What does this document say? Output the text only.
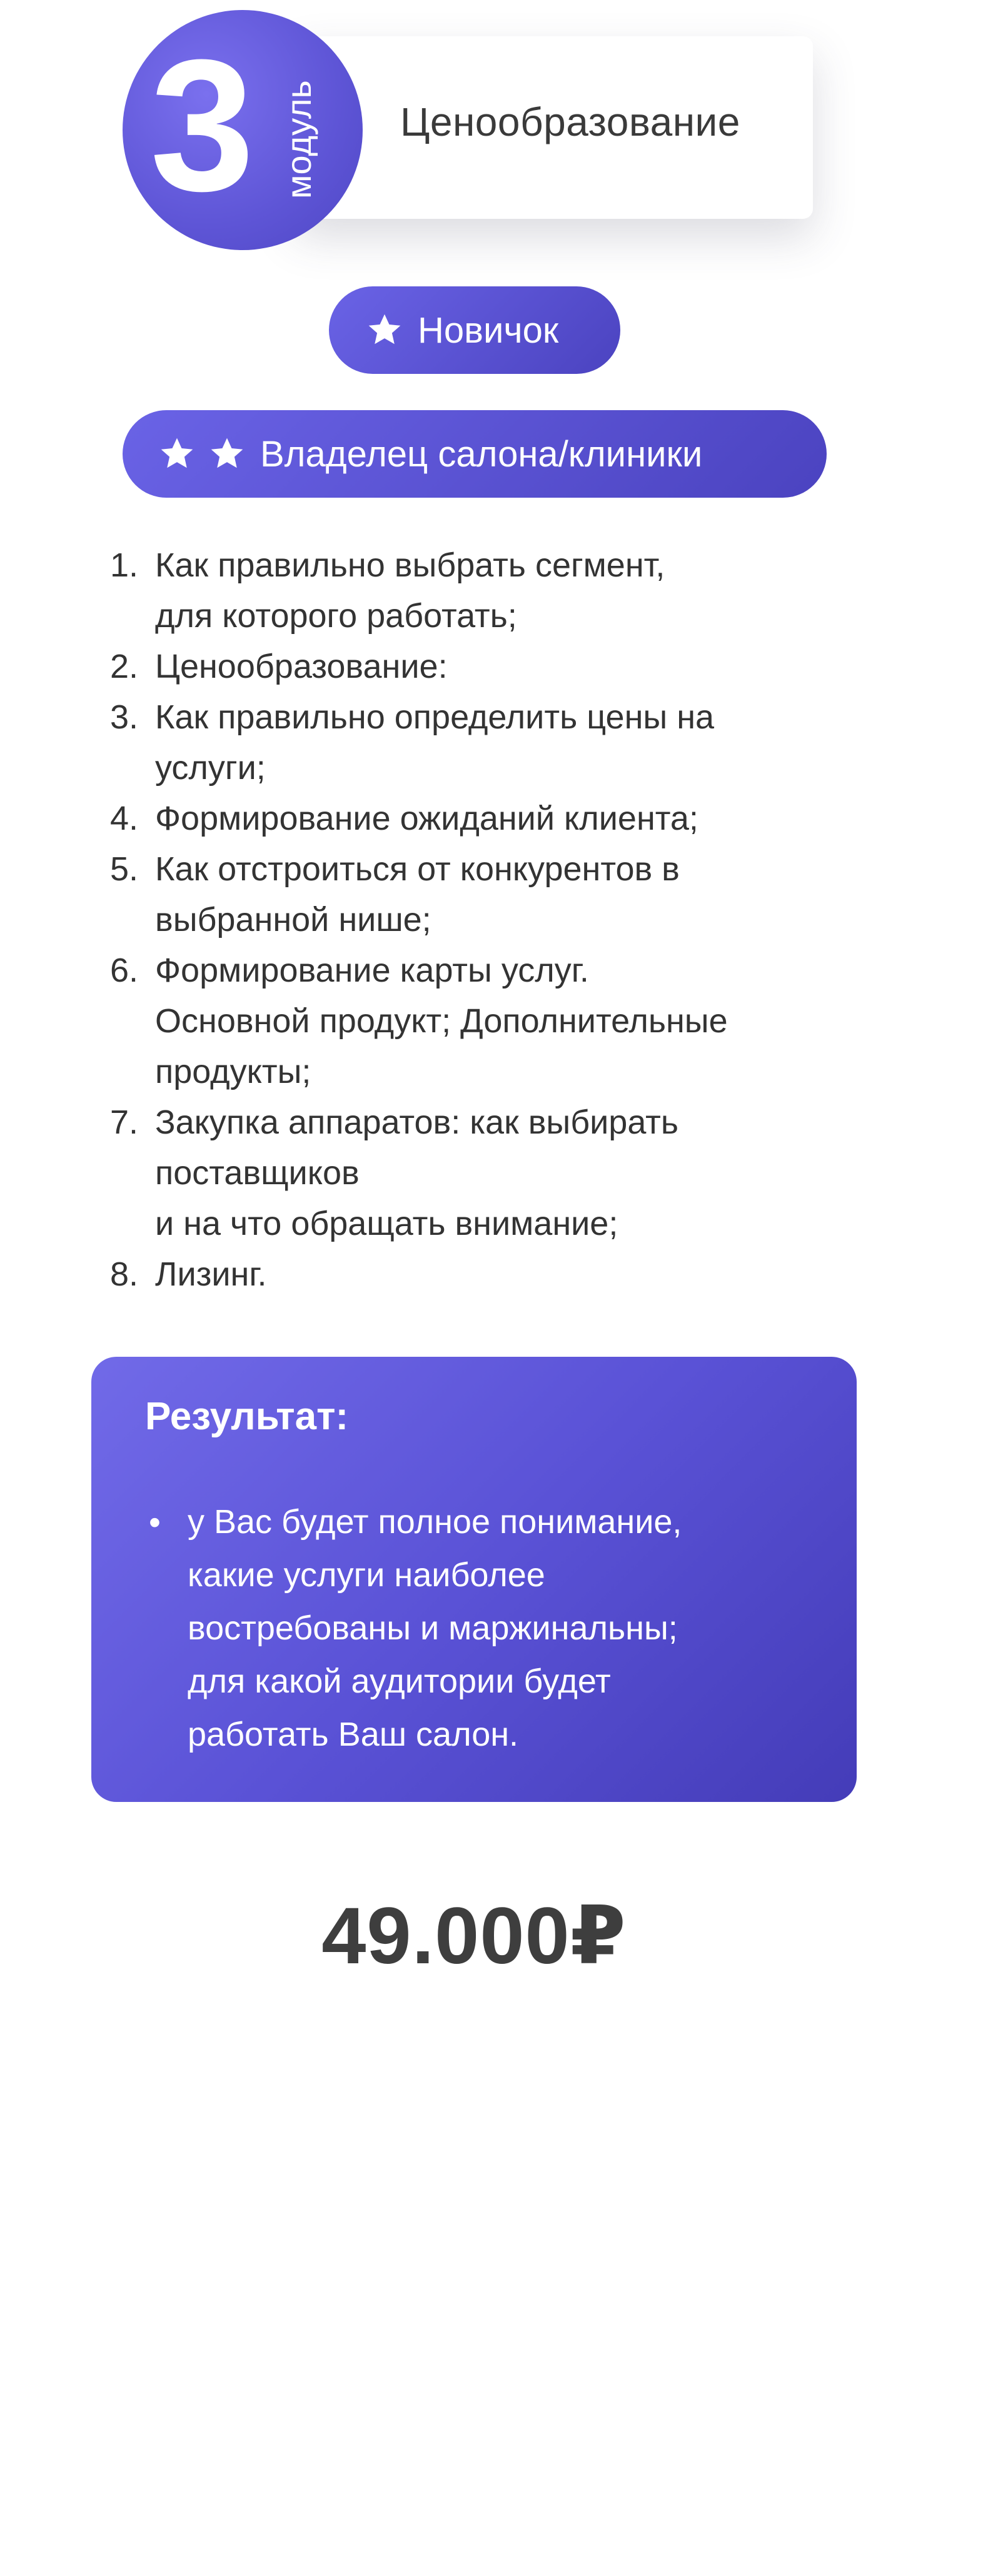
Ценообразование
3 модуль
Новичок
Владелец салона/клиники
1. Как правильно выбрать сегмент,
для которого работать;
2. Ценообразование:
3. Как правильно определить цены на
услуги;
4. Формирование ожиданий клиента;
5. Как отстроиться от конкурентов в
выбранной нише;
6. Формирование карты услуг.
Основной продукт; Дополнительные
продукты;
7. Закупка аппаратов: как выбирать
поставщиков
и на что обращать внимание;
8. Лизинг.
Результат:
• у Вас будет полное понимание,
какие услуги наиболее
востребованы и маржинальны;
для какой аудитории будет
работать Ваш салон.
49.000₽
